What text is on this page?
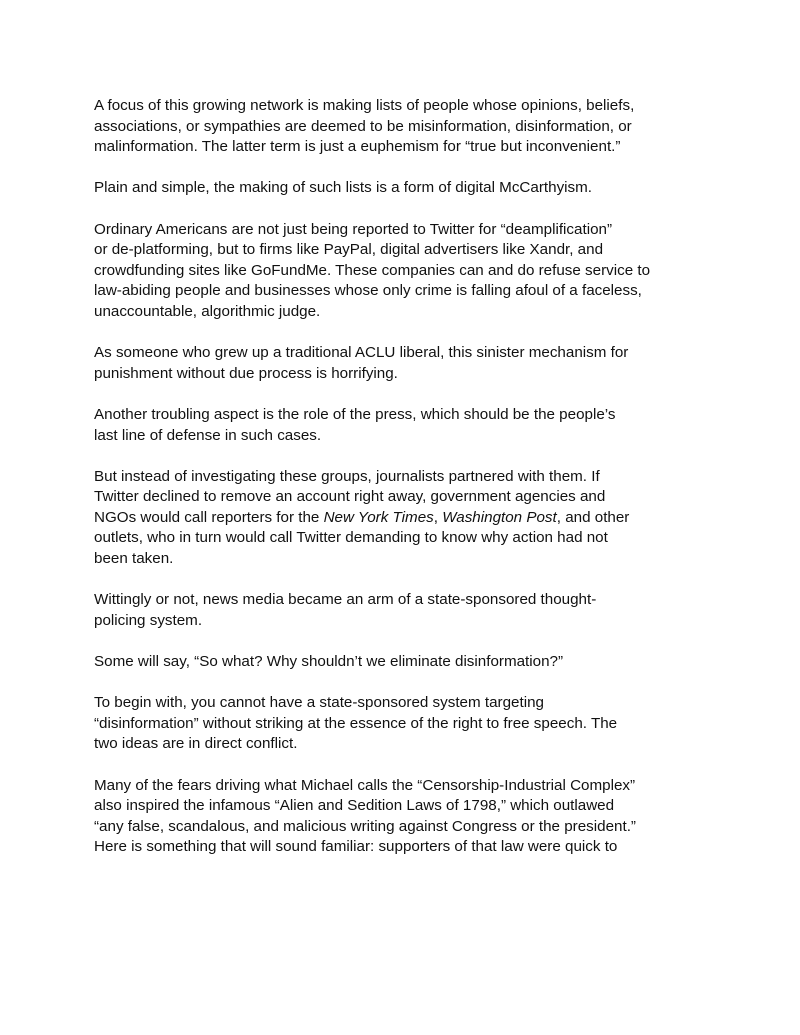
A focus of this growing network is making lists of people whose opinions, beliefs,
associations, or sympathies are deemed to be misinformation, disinformation, or
malinformation. The latter term is just a euphemism for “true but inconvenient.”

Plain and simple, the making of such lists is a form of digital McCarthyism.

Ordinary Americans are not just being reported to Twitter for “deamplification”
or de-platforming, but to firms like PayPal, digital advertisers like Xandr, and
crowdfunding sites like GoFundMe. These companies can and do refuse service to
law-abiding people and businesses whose only crime is falling afoul of a faceless,
unaccountable, algorithmic judge.

As someone who grew up a traditional ACLU liberal, this sinister mechanism for
punishment without due process is horrifying.

Another troubling aspect is the role of the press, which should be the people’s
last line of defense in such cases.

But instead of investigating these groups, journalists partnered with them. If
Twitter declined to remove an account right away, government agencies and
NGOs would call reporters for the New York Times, Washington Post, and other
outlets, who in turn would call Twitter demanding to know why action had not
been taken.

Wittingly or not, news media became an arm of a state-sponsored thought-
policing system.

Some will say, “So what? Why shouldn’t we eliminate disinformation?”

To begin with, you cannot have a state-sponsored system targeting
“disinformation” without striking at the essence of the right to free speech. The
two ideas are in direct conflict.

Many of the fears driving what Michael calls the “Censorship-Industrial Complex”
also inspired the infamous “Alien and Sedition Laws of 1798,” which outlawed
“any false, scandalous, and malicious writing against Congress or the president.”
Here is something that will sound familiar: supporters of that law were quick to
